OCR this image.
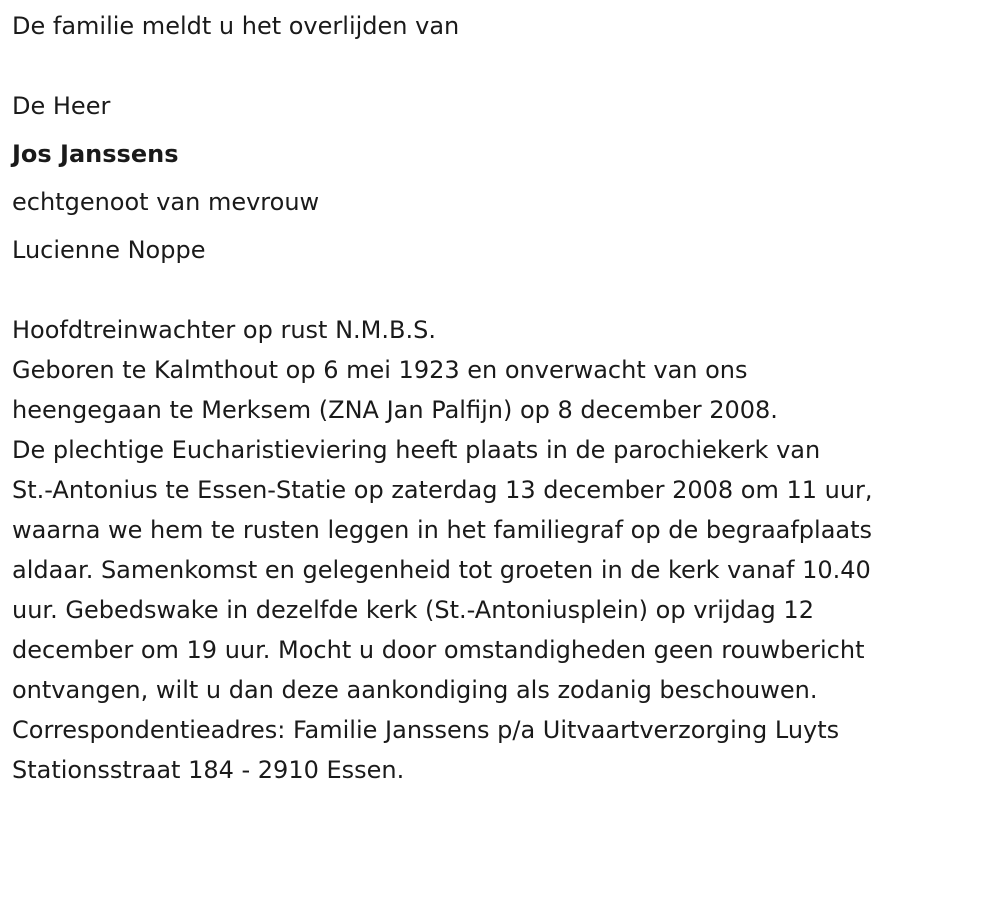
De familie meldt u het overlijden van

De Heer

Jos Janssens

echtgenoot van mevrouw

Lucienne Noppe

Hoofdtreinwachter op rust N.M.B.S.

Geboren te Kalmthout op 6 mei 1923 en onverwacht van ons
heengegaan te Merksem (ZNA Jan Palfijn) op 8 december 2008.
De plechtige Eucharistieviering heeft plaats in de parochiekerk van
St.-Antonius te Essen-Statie op zaterdag 13 december 2008 om 11 uur,
waarna we hem te rusten leggen in het familiegraf op de begraafplaats
aldaar. Samenkomst en gelegenheid tot groeten in de kerk vanaf 10.40
uur. Gebedswake in dezelfde kerk (St.-Antoniusplein) op vrijdag 12
december om 19 uur. Mocht u door omstandigheden geen rouwbericht
ontvangen, wilt u dan deze aankondiging als zodanig beschouwen.
Correspondentieadres: Familie Janssens p/a Uitvaartverzorging Luyts
Stationsstraat 184 - 2910 Essen.
